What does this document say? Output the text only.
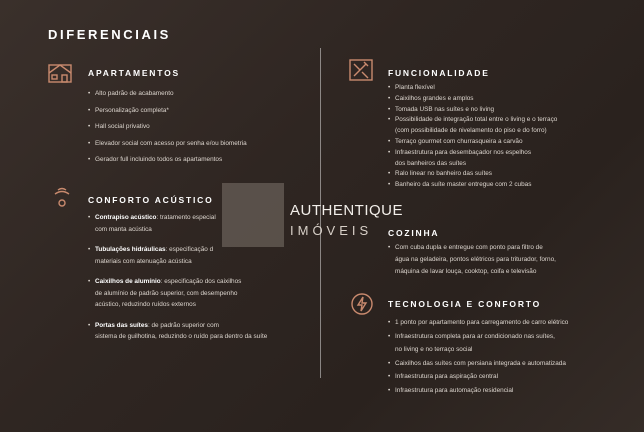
DIFERENCIAIS
APARTAMENTOS
• Alto padrão de acabamento
• Personalização completa*
• Hall social privativo
• Elevador social com acesso por senha e/ou biometria
• Gerador full incluindo todos os apartamentos
CONFORTO ACÚSTICO
• Contrapiso acústico: tratamento especial
com manta acústica
• Tubulações hidráulicas: especificação d
materiais com atenuação acústica
• Caixilhos de alumínio: especificação dos caixilhos
de alumínio de padrão superior, com desempenho
acústico, reduzindo ruídos externos
• Portas das suítes: de padrão superior com
sistema de guilhotina, reduzindo o ruído para dentro da suíte
FUNCIONALIDADE
• Planta flexível
• Caixilhos grandes e amplos
• Tomada USB nas suítes e no living
• Possibilidade de integração total entre o living e o terraço
(com possibilidade de nivelamento do piso e do forro)
• Terraço gourmet com churrasqueira a carvão
• Infraestrutura para desembaçador nos espelhos
dos banheiros das suítes
• Ralo linear no banheiro das suítes
• Banheiro da suíte master entregue com 2 cubas
COZINHA
• Com cuba dupla e entregue com ponto para filtro de
água na geladeira, pontos elétricos para triturador, forno,
máquina de lavar louça, cooktop, coifa e televisão
TECNOLOGIA E CONFORTO
• 1 ponto por apartamento para carregamento de carro elétrico
• Infraestrutura completa para ar condicionado nas suítes,
no living e no terraço social
• Caixilhos das suítes com persiana integrada e automatizada
• Infraestrutura para aspiração central
• Infraestrutura para automação residencial
AUTHENTIQUE
IMÓVEIS
